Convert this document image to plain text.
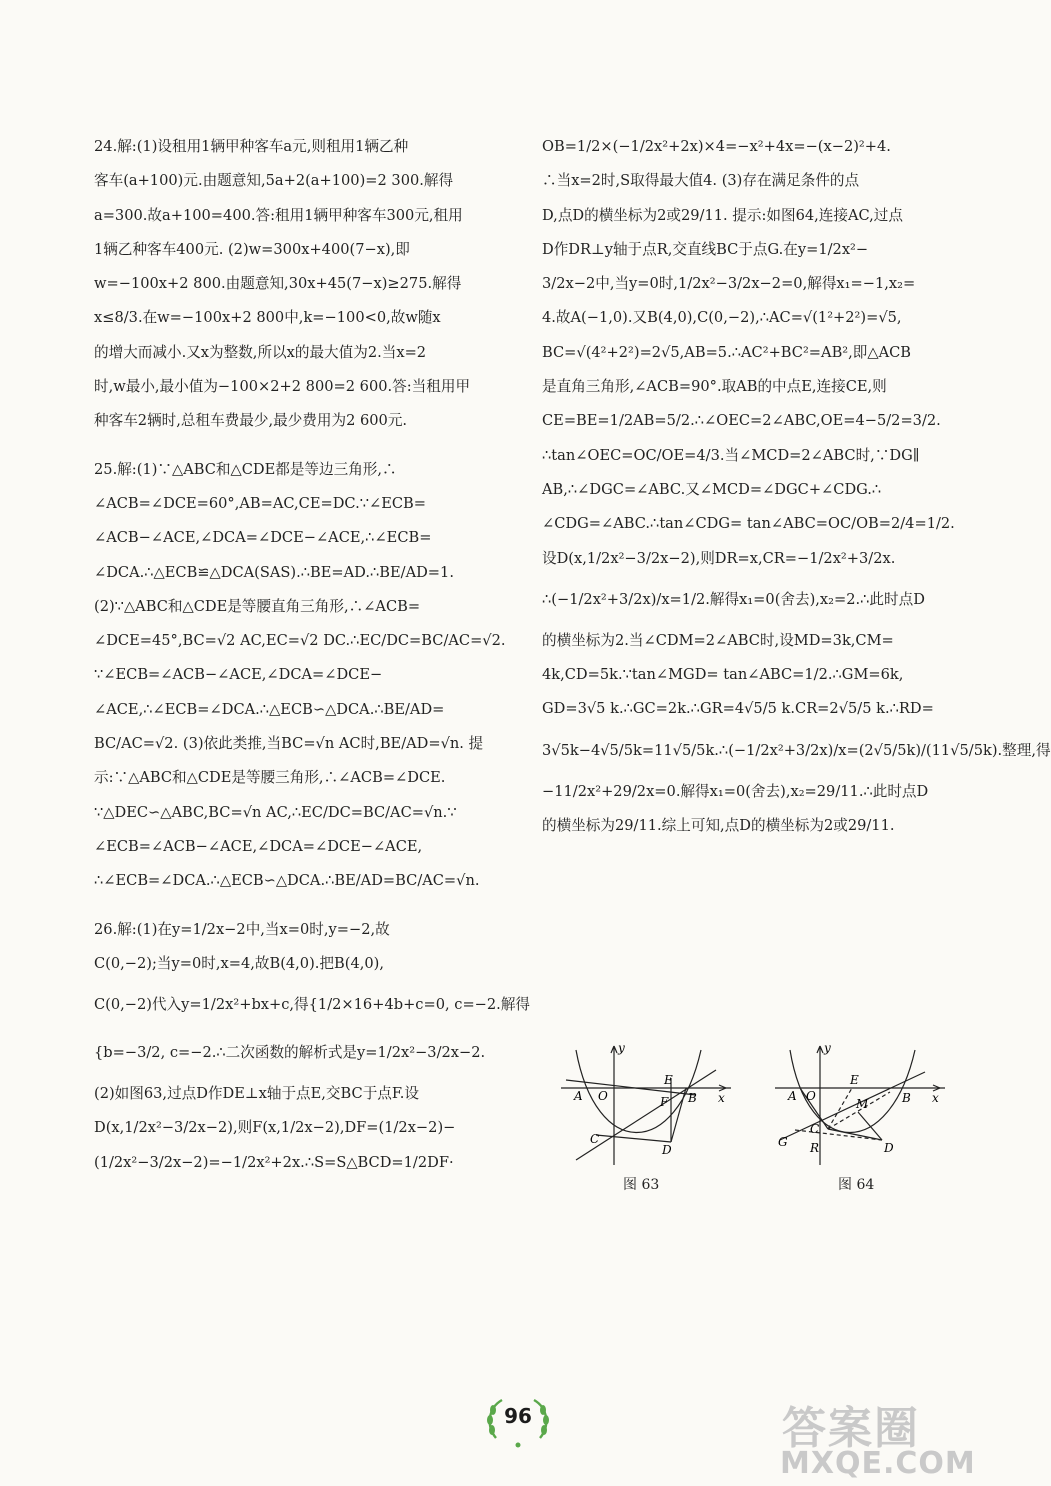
24.解:(1)设租用1辆甲种客车a元,则租用1辆乙种
客车(a+100)元.由题意知,5a+2(a+100)=2 300.解得
a=300.故a+100=400.答:租用1辆甲种客车300元,租用
1辆乙种客车400元. (2)w=300x+400(7−x),即
w=−100x+2 800.由题意知,30x+45(7−x)≥275.解得
x≤8/3.在w=−100x+2 800中,k=−100<0,故w随x
的增大而减小.又x为整数,所以x的最大值为2.当x=2
时,w最小,最小值为−100×2+2 800=2 600.答:当租用甲
种客车2辆时,总租车费最少,最少费用为2 600元.
25.解:(1)∵△ABC和△CDE都是等边三角形,∴
∠ACB=∠DCE=60°,AB=AC,CE=DC.∵∠ECB=
∠ACB−∠ACE,∠DCA=∠DCE−∠ACE,∴∠ECB=
∠DCA.∴△ECB≌△DCA(SAS).∴BE=AD.∴BE/AD=1.
(2)∵△ABC和△CDE是等腰直角三角形,∴∠ACB=
∠DCE=45°,BC=√2 AC,EC=√2 DC.∴EC/DC=BC/AC=√2.
∵∠ECB=∠ACB−∠ACE,∠DCA=∠DCE−
∠ACE,∴∠ECB=∠DCA.∴△ECB∽△DCA.∴BE/AD=
BC/AC=√2. (3)依此类推,当BC=√n AC时,BE/AD=√n. 提
示:∵△ABC和△CDE是等腰三角形,∴∠ACB=∠DCE.
∵△DEC∽△ABC,BC=√n AC,∴EC/DC=BC/AC=√n.∵
∠ECB=∠ACB−∠ACE,∠DCA=∠DCE−∠ACE,
∴∠ECB=∠DCA.∴△ECB∽△DCA.∴BE/AD=BC/AC=√n.
26.解:(1)在y=1/2x−2中,当x=0时,y=−2,故
C(0,−2);当y=0时,x=4,故B(4,0).把B(4,0),
C(0,−2)代入y=1/2x²+bx+c,得{1/2×16+4b+c=0, c=−2.解得
{b=−3/2, c=−2.∴二次函数的解析式是y=1/2x²−3/2x−2.
(2)如图63,过点D作DE⊥x轴于点E,交BC于点F.设
D(x,1/2x²−3/2x−2),则F(x,1/2x−2),DF=(1/2x−2)−
(1/2x²−3/2x−2)=−1/2x²+2x.∴S=S△BCD=1/2DF·
OB=1/2×(−1/2x²+2x)×4=−x²+4x=−(x−2)²+4.
∴当x=2时,S取得最大值4. (3)存在满足条件的点
D,点D的横坐标为2或29/11. 提示:如图64,连接AC,过点
D作DR⊥y轴于点R,交直线BC于点G.在y=1/2x²−
3/2x−2中,当y=0时,1/2x²−3/2x−2=0,解得x₁=−1,x₂=
4.故A(−1,0).又B(4,0),C(0,−2),∴AC=√(1²+2²)=√5,
BC=√(4²+2²)=2√5,AB=5.∴AC²+BC²=AB²,即△ACB
是直角三角形,∠ACB=90°.取AB的中点E,连接CE,则
CE=BE=1/2AB=5/2.∴∠OEC=2∠ABC,OE=4−5/2=3/2.
∴tan∠OEC=OC/OE=4/3.当∠MCD=2∠ABC时,∵DG∥
AB,∴∠DGC=∠ABC.又∠MCD=∠DGC+∠CDG.∴
∠CDG=∠ABC.∴tan∠CDG= tan∠ABC=OC/OB=2/4=1/2.
设D(x,1/2x²−3/2x−2),则DR=x,CR=−1/2x²+3/2x.
∴(−1/2x²+3/2x)/x=1/2.解得x₁=0(舍去),x₂=2.∴此时点D
的横坐标为2.当∠CDM=2∠ABC时,设MD=3k,CM=
4k,CD=5k.∵tan∠MGD= tan∠ABC=1/2.∴GM=6k,
GD=3√5 k.∴GC=2k.∴GR=4√5/5 k.CR=2√5/5 k.∴RD=
3√5k−4√5/5k=11√5/5k.∴(−1/2x²+3/2x)/x=(2√5/5k)/(11√5/5k).整理,得
−11/2x²+29/2x=0.解得x₁=0(舍去),x₂=29/11.∴此时点D
的横坐标为29/11.综上可知,点D的横坐标为2或29/11.
y
x
A O
E
F B
C
D
y
x
A O
E
M	B
C
G R	D
图 63	图 64
96	答案圈
MXQE.COM
